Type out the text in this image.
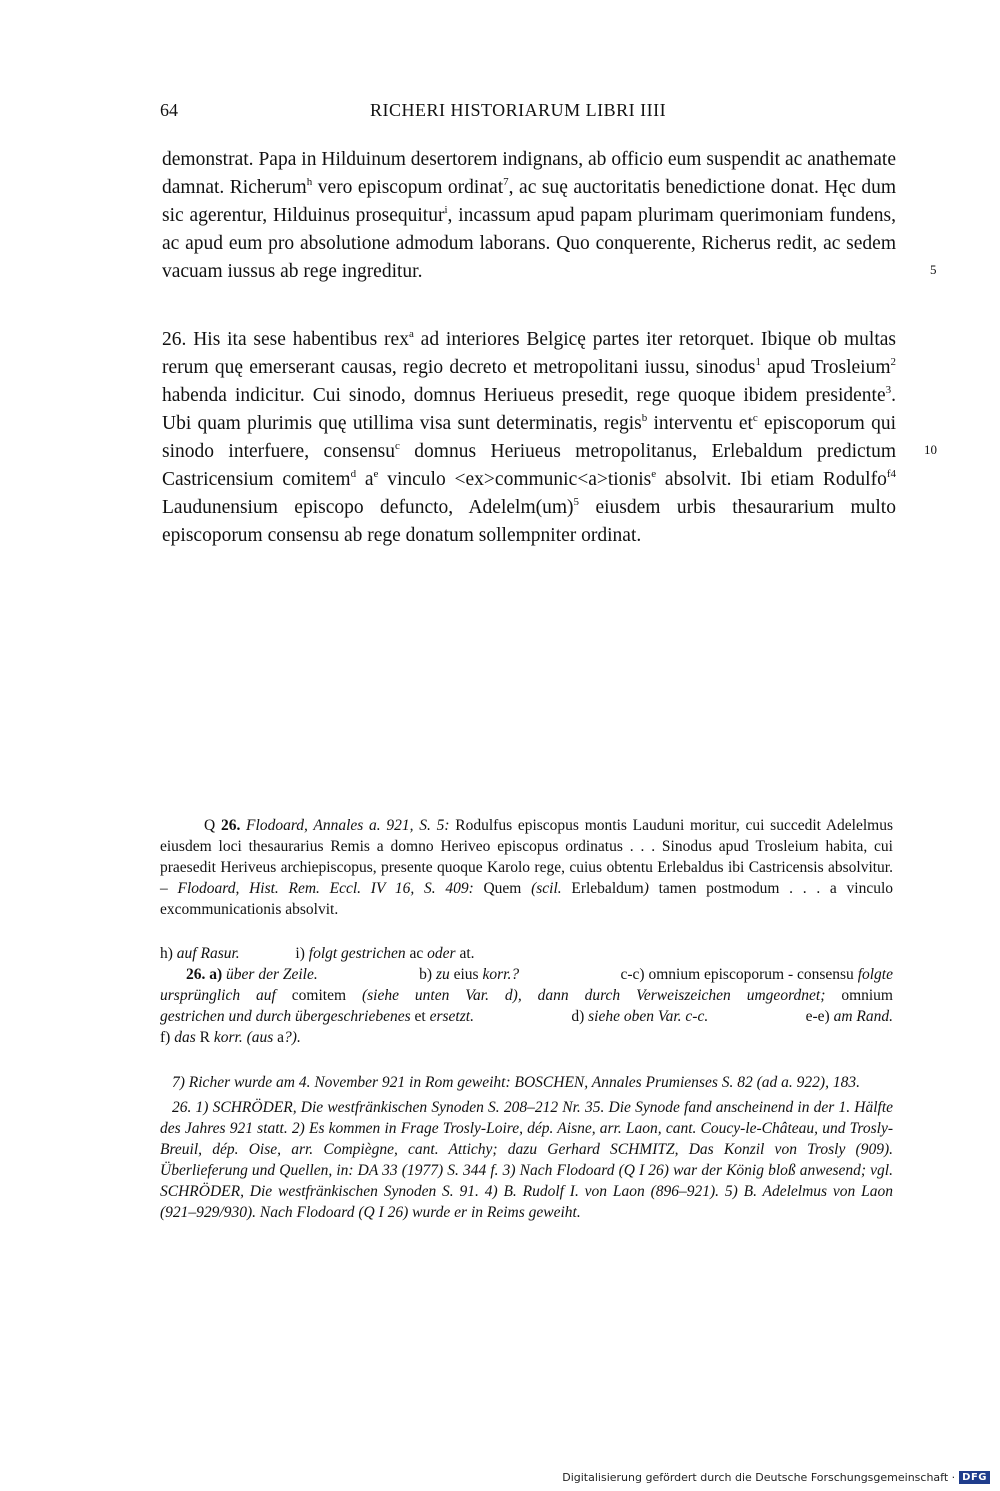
64	RICHERI HISTORIARUM LIBRI IIII

demonstrat. Papa in Hilduinum desertorem indignans, ab officio eum suspendit ac anathemate damnat. Richerum$^h$ vero episcopum ordinat$^7$, ac suę auctoritatis benedictione donat. Hęc dum sic agerentur, Hilduinus prosequitur$^i$, incassum apud papam plurimam querimoniam fundens, ac apud eum pro absolutione admodum laborans. Quo conquerente, Richerus redit, ac sedem vacuam iussus ab rege ingreditur.	5

26. His ita sese habentibus rex$^a$ ad interiores Belgicę partes iter retorquet. Ibique ob multas rerum quę emerserant causas, regio decreto et metropolitani iussu, sinodus$^1$ apud Trosleium$^2$ habenda indicitur. Cui sinodo, domnus Heriueus presedit, rege quoque ibidem presidente$^3$. Ubi quam plurimis quę utillima visa sunt determinatis, regis$^b$ interventu $et^c$ episcoporum qui sinodo interfuere, consensu$^c$ domnus Heriueus metropolitanus, Erlebaldum predictum Castricensium comitem$^d$ $a^e$ vinculo <ex>communic<a>tionis$^e$ absolvit. Ibi etiam Rodulfo$^{f4}$ Laudunensium episcopo defuncto, Adelelm(um)$^5$ eiusdem urbis thesaurarium multo episcoporum consensu ab rege donatum sollempniter ordinat.

10
Q 26. Flodoard, Annales a. 921, S. 5: Rodulfus episcopus montis Lauduni moritur, cui succedit Adelelmus eiusdem loci thesaurarius Remis a domno Heriveo episcopus ordinatus . . . Sinodus apud Trosleium habita, cui praesedit Heriveus archiepiscopus, presente quoque Karolo rege, cuius obtentu Erlebaldus ibi Castricensis absolvitur. – Flodoard, Hist. Rem. Eccl. IV 16, S. 409: Quem (scil. Erlebaldum) tamen postmodum . . . a vinculo excommunicationis absolvit.
h) auf Rasur.	i) folgt gestrichen ac oder at.
26. a) über der Zeile.	b) zu eius korr.?	c-c) omnium episcoporum - consensu folgte
ursprünglich auf comitem (siehe unten Var. d), dann durch Verweiszeichen umgeordnet; omnium
gestrichen und durch übergeschriebenes et ersetzt.	d) siehe oben Var. c-c.	e-e) am Rand.
f) das R korr. (aus a?).
7) Richer wurde am 4. November 921 in Rom geweiht: BOSCHEN, Annales Prumienses S. 82 (ad a. 922), 183.
26. 1) SCHRÖDER, Die westfränkischen Synoden S. 208–212 Nr. 35. Die Synode fand anscheinend in der 1. Hälfte des Jahres 921 statt. 2) Es kommen in Frage Trosly-Loire, dép. Aisne, arr. Laon, cant. Coucy-le-Château, und Trosly-Breuil, dép. Oise, arr. Compiègne, cant. Attichy; dazu Gerhard SCHMITZ, Das Konzil von Trosly (909). Überlieferung und Quellen, in: DA 33 (1977) S. 344 f. 3) Nach Flodoard (Q I 26) war der König bloß anwesend; vgl. SCHRÖDER, Die westfränkischen Synoden S. 91. 4) B. Rudolf I. von Laon (896–921). 5) B. Adelelmus von Laon (921–929/930). Nach Flodoard (Q I 26) wurde er in Reims geweiht.
Digitalisierung gefördert durch die Deutsche Forschungsgemeinschaft · DFG
